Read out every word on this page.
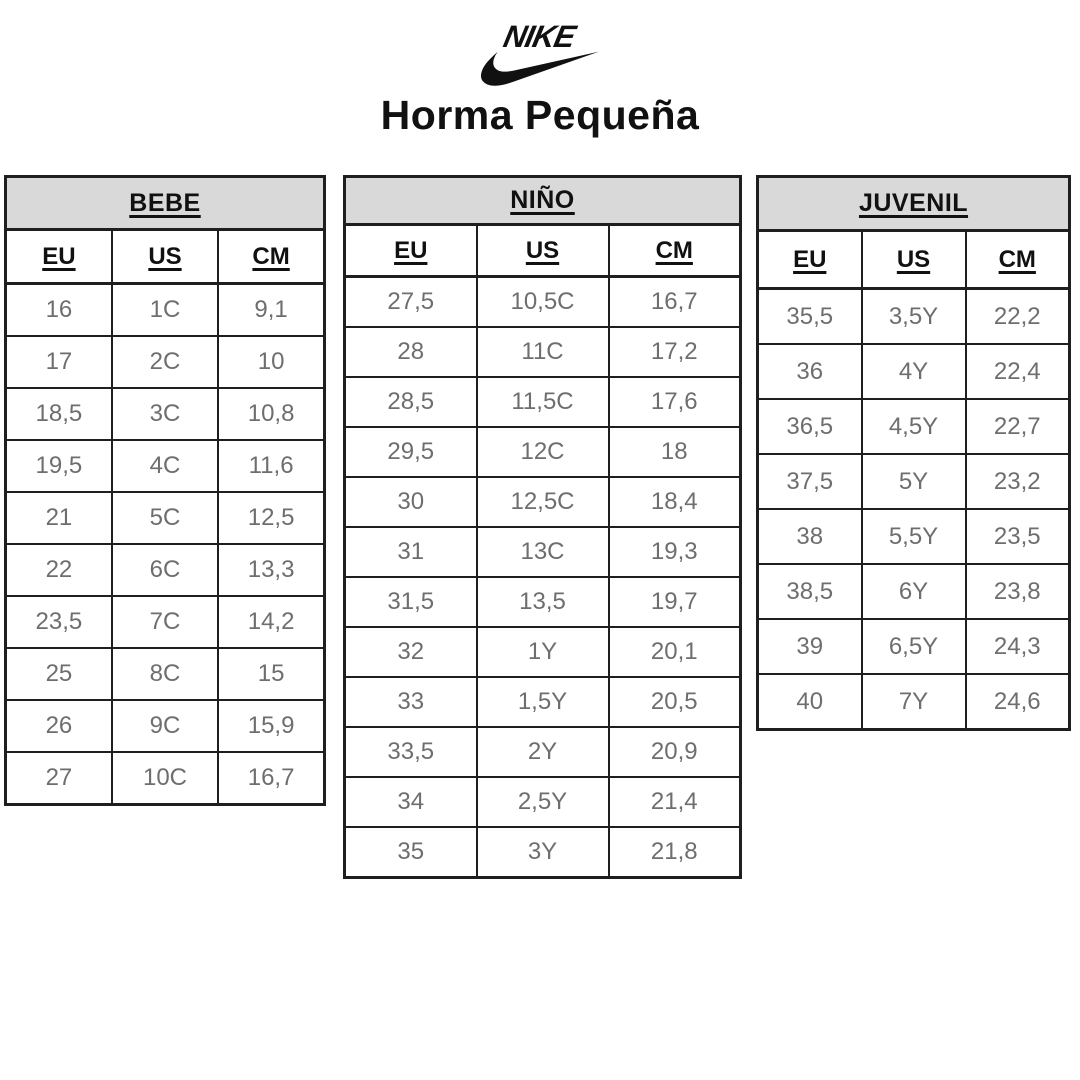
NIKE
Horma Pequeña
BEBE		
EU	US	CM
16	1C	9,1
17	2C	10
18,5	3C	10,8
19,5	4C	11,6
21	5C	12,5
22	6C	13,3
23,5	7C	14,2
25	8C	15
26	9C	15,9
27	10C	16,7
NIÑO		
EU	US	CM
27,5	10,5C	16,7
28	11C	17,2
28,5	11,5C	17,6
29,5	12C	18
30	12,5C	18,4
31	13C	19,3
31,5	13,5	19,7
32	1Y	20,1
33	1,5Y	20,5
33,5	2Y	20,9
34	2,5Y	21,4
35	3Y	21,8
JUVENIL		
EU	US	CM
35,5	3,5Y	22,2
36	4Y	22,4
36,5	4,5Y	22,7
37,5	5Y	23,2
38	5,5Y	23,5
38,5	6Y	23,8
39	6,5Y	24,3
40	7Y	24,6
